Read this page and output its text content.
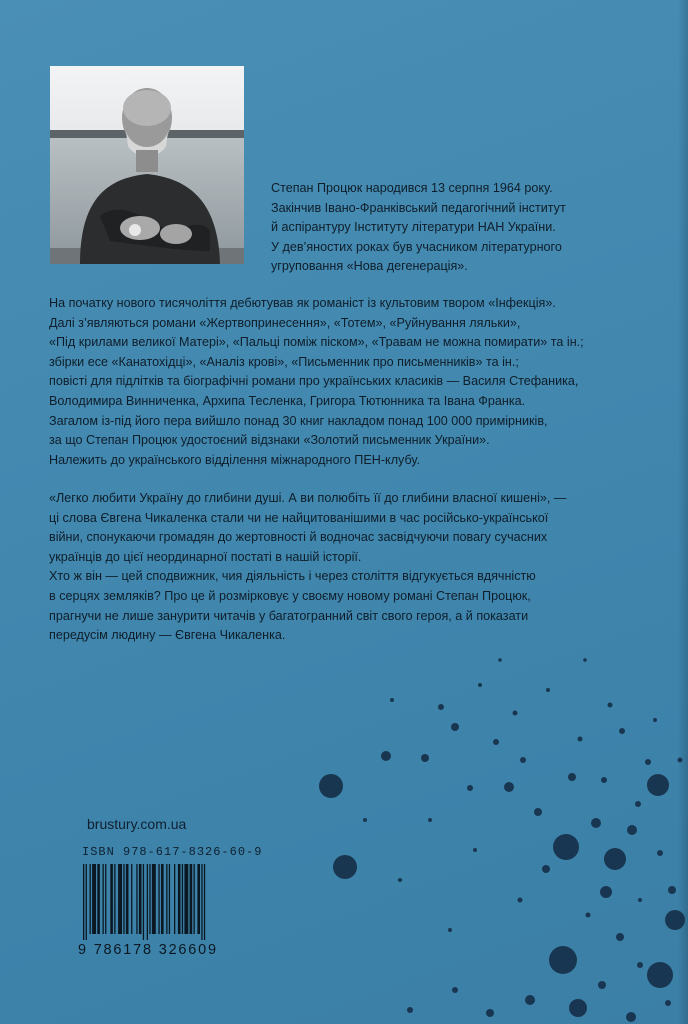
Степан Процюк народився 13 серпня 1964 року.

Закінчив Івано-Франківський педагогічний інститут

й аспірантуру Інституту літератури НАН України.

У дев’яностих роках був учасником літературного

угруповання «Нова дегенерація».

На початку нового тисячоліття дебютував як романіст із культовим твором «Інфекція».

Далі з’являються романи «Жертвопринесення», «Тотем», «Руйнування ляльки»,

«Під крилами великої Матері», «Пальці поміж піском», «Травам не можна помирати» та ін.;

збірки есе «Канатохідці», «Аналіз крові», «Письменник про письменників» та ін.;

повісті для підлітків та біографічні романи про українських класиків — Василя Стефаника,

Володимира Винниченка, Архипа Тесленка, Григора Тютюнника та Івана Франка.

Загалом із-під його пера вийшло понад 30 книг накладом понад 100 000 примірників,

за що Степан Процюк удостоєний відзнаки «Золотий письменник України».

Належить до українського відділення міжнародного ПЕН-клубу.

«Легко любити Україну до глибини душі. А ви полюбіть її до глибини власної кишені», —

ці слова Євгена Чикаленка стали чи не найцитованішими в час російсько-української

війни, спонукаючи громадян до жертовності й водночас засвідчуючи повагу сучасних

українців до цієї неординарної постаті в нашій історії.

Хто ж він — цей сподвижник, чия діяльність і через століття відгукується вдячністю

в серцях земляків? Про це й розмірковує у своєму новому романі Степан Процюк,

прагнучи не лише занурити читачів у багатогранний світ свого героя, а й показати

передусім людину — Євгена Чикаленка.

brustury.com.ua
ISBN 978-617-8326-60-9
9 786178 326609
